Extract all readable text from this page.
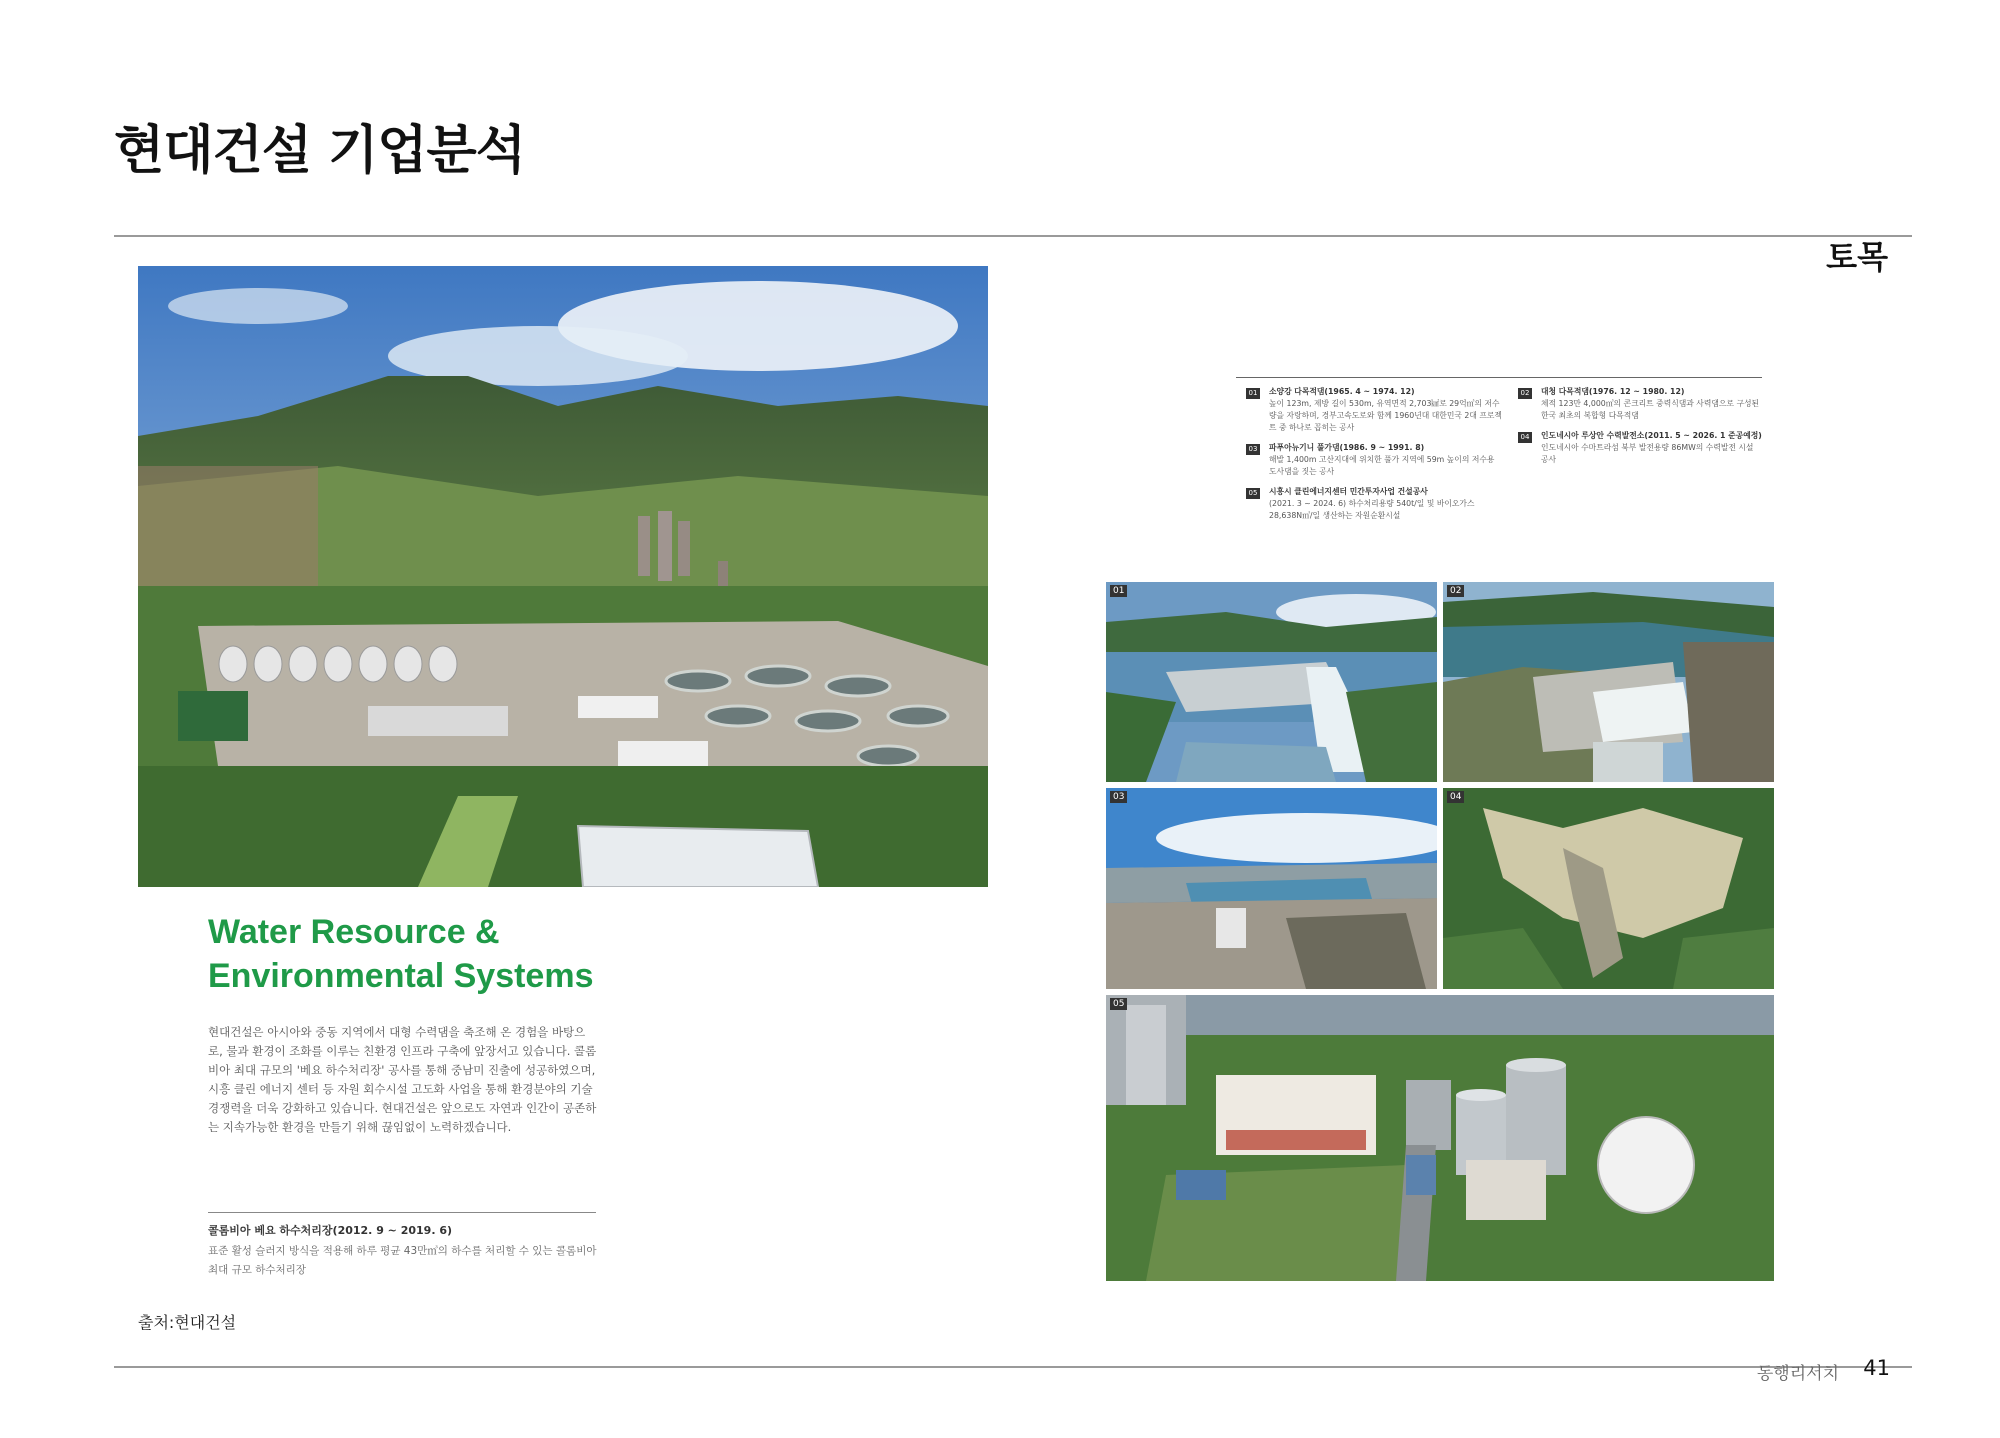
현대건설 기업분석
토목
Water Resource &
Environmental Systems
현대건설은 아시아와 중동 지역에서 대형 수력댐을 축조해 온 경험을 바탕으로, 물과 환경이 조화를 이루는 친환경 인프라 구축에 앞장서고 있습니다. 콜롬비아 최대 규모의 '베요 하수처리장' 공사를 통해 중남미 진출에 성공하였으며, 시흥 클린 에너지 센터 등 자원 회수시설 고도화 사업을 통해 환경분야의 기술 경쟁력을 더욱 강화하고 있습니다. 현대건설은 앞으로도 자연과 인간이 공존하는 지속가능한 환경을 만들기 위해 끊임없이 노력하겠습니다.
콜롬비아 베요 하수처리장(2012. 9 ~ 2019. 6)
표준 활성 슬러지 방식을 적용해 하루 평균 43만㎥의 하수를 처리할 수 있는 콜롬비아 최대 규모 하수처리장
01	소양강 다목적댐(1965. 4 ~ 1974. 12)
높이 123m, 제방 길이 530m, 유역면적 2,703㎢로 29억㎥의 저수량을 자랑하며, 경부고속도로와 함께 1960년대 대한민국 2대 프로젝트 중 하나로 꼽히는 공사
03	파푸아뉴기니 풀가댐(1986. 9 ~ 1991. 8)
해발 1,400m 고산지대에 위치한 풀가 지역에 59m 높이의 저수용 도사댐을 짓는 공사
05	시흥시 클린에너지센터 민간투자사업 건설공사
(2021. 3 ~ 2024. 6) 하수처리용량 540t/일 및 바이오가스 28,638N㎥/일 생산하는 자원순환시설
02	대청 다목적댐(1976. 12 ~ 1980. 12)
체적 123만 4,000㎥의 콘크리트 중력식댐과 사력댐으로 구성된 한국 최초의 복합형 다목적댐
04	인도네시아 루상안 수력발전소(2011. 5 ~ 2026. 1 준공예정)
인도네시아 수마트라섬 북부 발전용량 86MW의 수력발전 시설 공사
01	02
03	04
05
출처:현대건설
동행리서치 41
